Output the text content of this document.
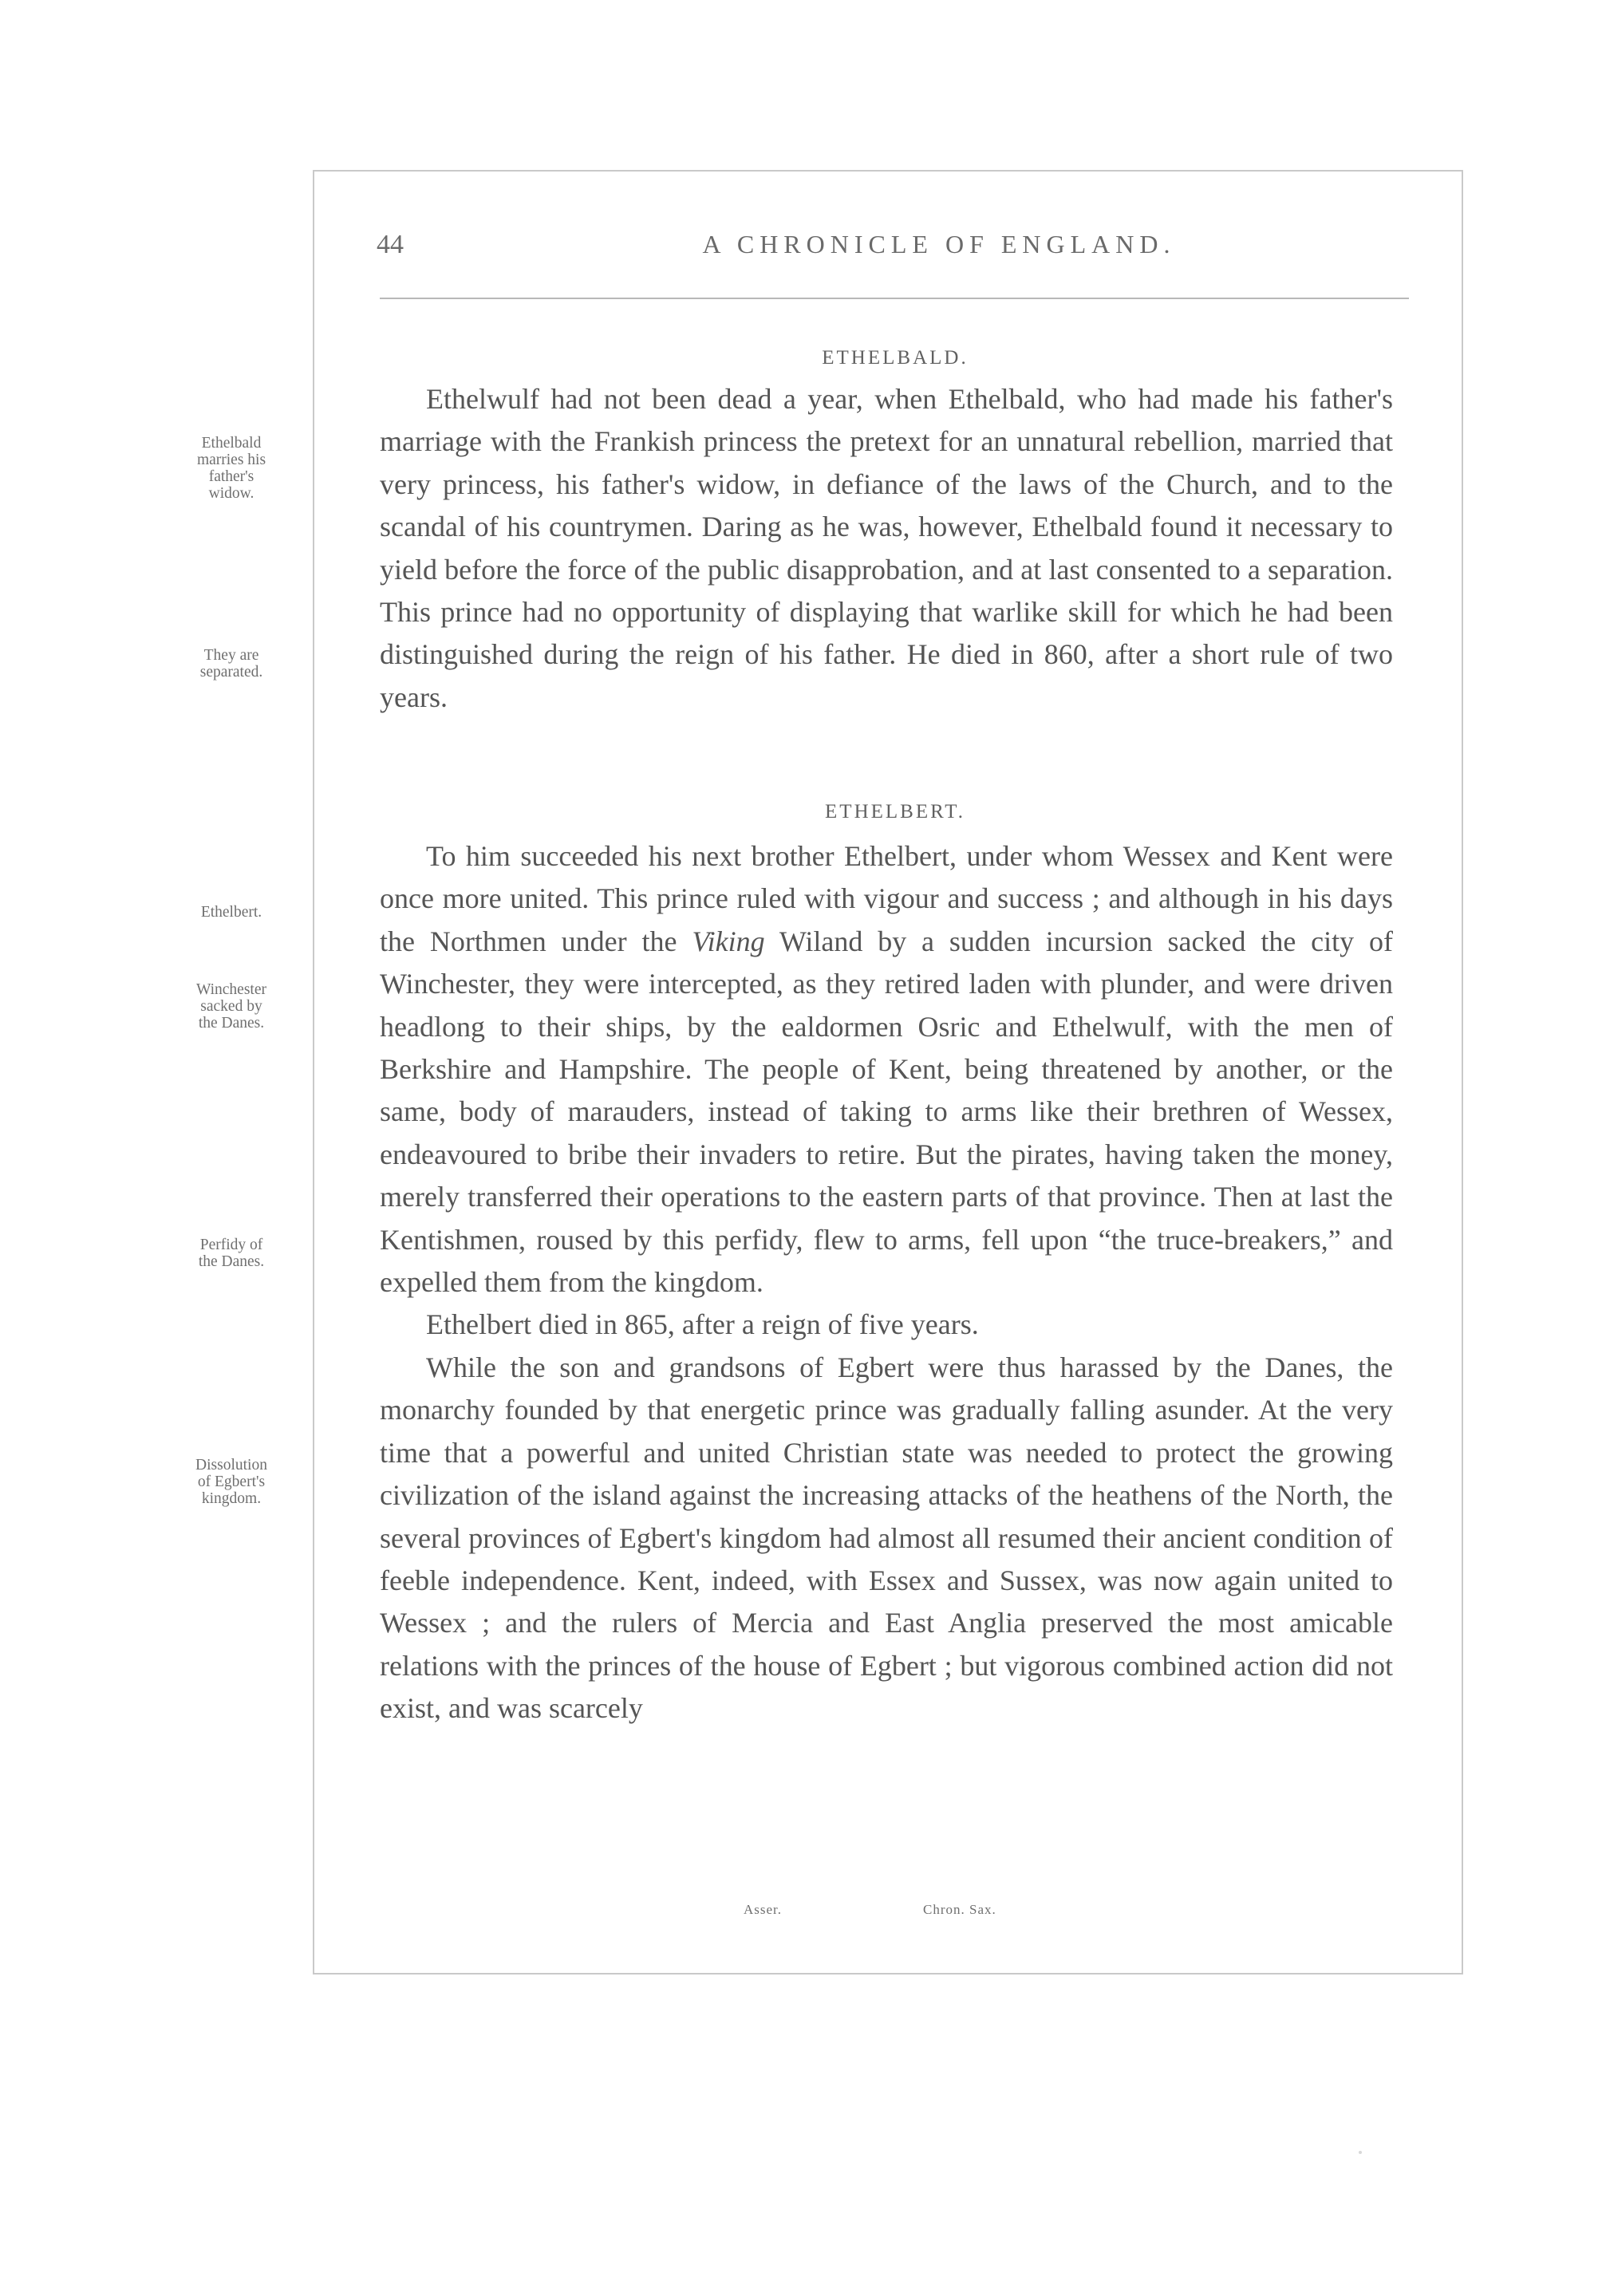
44	A CHRONICLE OF ENGLAND.
ETHELBALD.

Ethelwulf had not been dead a year, when Ethelbald, who had made his father's marriage with the Frankish princess the pretext for an unnatural rebellion, married that very princess, his father's widow, in defiance of the laws of the Church, and to the scandal of his countrymen. Daring as he was, however, Ethelbald found it necessary to yield before the force of the public disapprobation, and at last consented to a separation. This prince had no opportunity of displaying that warlike skill for which he had been distinguished during the reign of his father. He died in 860, after a short rule of two years.

ETHELBERT.

To him succeeded his next brother Ethelbert, under whom Wessex and Kent were once more united. This prince ruled with vigour and success ; and although in his days the Northmen under the Viking Wiland by a sudden incursion sacked the city of Winchester, they were intercepted, as they retired laden with plunder, and were driven headlong to their ships, by the ealdormen Osric and Ethelwulf, with the men of Berkshire and Hampshire. The people of Kent, being threatened by another, or the same, body of marauders, instead of taking to arms like their brethren of Wessex, endeavoured to bribe their invaders to retire. But the pirates, having taken the money, merely transferred their operations to the eastern parts of that province. Then at last the Kentishmen, roused by this perfidy, flew to arms, fell upon “the truce-breakers,” and expelled them from the kingdom.

Ethelbert died in 865, after a reign of five years.

While the son and grandsons of Egbert were thus harassed by the Danes, the monarchy founded by that energetic prince was gradually falling asunder. At the very time that a powerful and united Christian state was needed to protect the growing civilization of the island against the increasing attacks of the heathens of the North, the several provinces of Egbert's kingdom had almost all resumed their ancient condition of feeble independence. Kent, indeed, with Essex and Sussex, was now again united to Wessex ; and the rulers of Mercia and East Anglia preserved the most amicable relations with the princes of the house of Egbert ; but vigorous combined action did not exist, and was scarcely

Ethelbald
marries his
father's
widow.
They are
separated.
Ethelbert.
Winchester
sacked by
the Danes.
Perfidy of
the Danes.
Dissolution
of Egbert's
kingdom.
Asser.	Chron. Sax.
